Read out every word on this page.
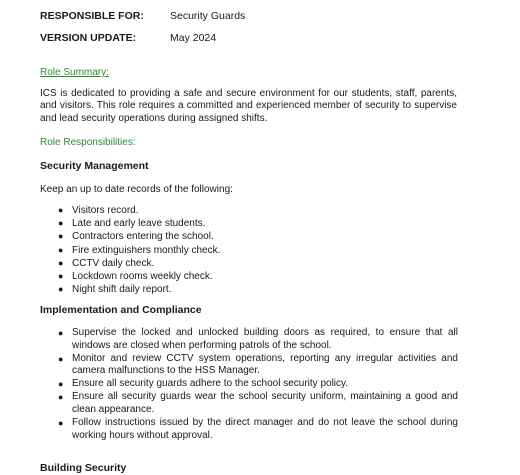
RESPONSIBLE FOR: Security Guards
VERSION UPDATE:	May 2024
Role Summary:
ICS is dedicated to providing a safe and secure environment for our students, staff, parents, and visitors. This role requires a committed and experienced member of security to supervise and lead security operations during assigned shifts.
Role Responsibilities:
Security Management
Keep an up to date records of the following:
● Visitors record.
● Late and early leave students.
● Contractors entering the school.
● Fire extinguishers monthly check.
● CCTV daily check.
● Lockdown rooms weekly check.
● Night shift daily report.
Implementation and Compliance
● Supervise the locked and unlocked building doors as required, to ensure that all windows are closed when performing patrols of the school.
● Monitor and review CCTV system operations, reporting any irregular activities and camera malfunctions to the HSS Manager.
● Ensure all security guards adhere to the school security policy.
● Ensure all security guards wear the school security uniform, maintaining a good and clean appearance.
● Follow instructions issued by the direct manager and do not leave the school during working hours without approval.
Building Security
